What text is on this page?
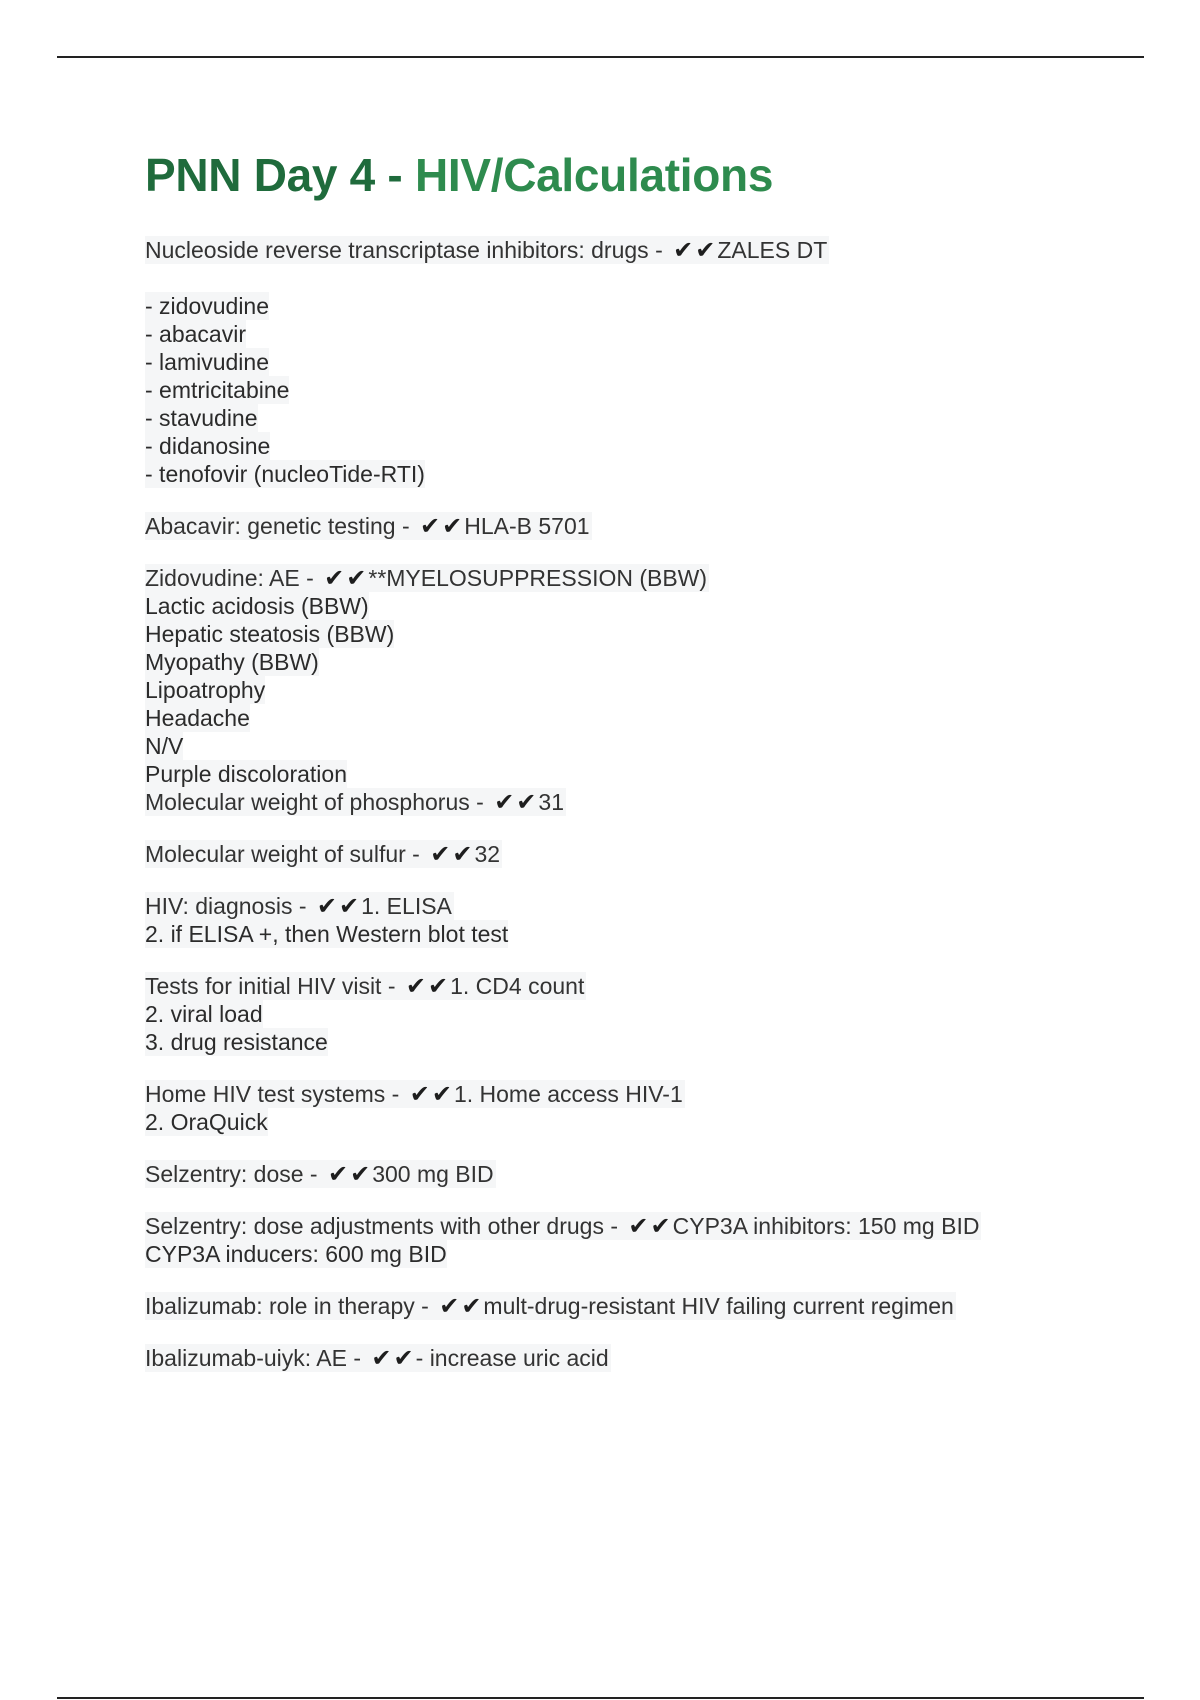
PNN Day 4 - HIV/Calculations
Nucleoside reverse transcriptase inhibitors: drugs - ✔✔ZALES DT

- zidovudine
- abacavir
- lamivudine
- emtricitabine
- stavudine
- didanosine
- tenofovir (nucleoTide-RTI)
Abacavir: genetic testing - ✔✔HLA-B 5701
Zidovudine: AE - ✔✔**MYELOSUPPRESSION (BBW)
Lactic acidosis (BBW)
Hepatic steatosis (BBW)
Myopathy (BBW)
Lipoatrophy
Headache
N/V
Purple discoloration
Molecular weight of phosphorus - ✔✔31
Molecular weight of sulfur - ✔✔32
HIV: diagnosis - ✔✔1. ELISA
2. if ELISA +, then Western blot test
Tests for initial HIV visit - ✔✔1. CD4 count
2. viral load
3. drug resistance
Home HIV test systems - ✔✔1. Home access HIV-1
2. OraQuick
Selzentry: dose - ✔✔300 mg BID
Selzentry: dose adjustments with other drugs - ✔✔CYP3A inhibitors: 150 mg BID
CYP3A inducers: 600 mg BID
Ibalizumab: role in therapy - ✔✔mult-drug-resistant HIV failing current regimen
Ibalizumab-uiyk: AE - ✔✔- increase uric acid
